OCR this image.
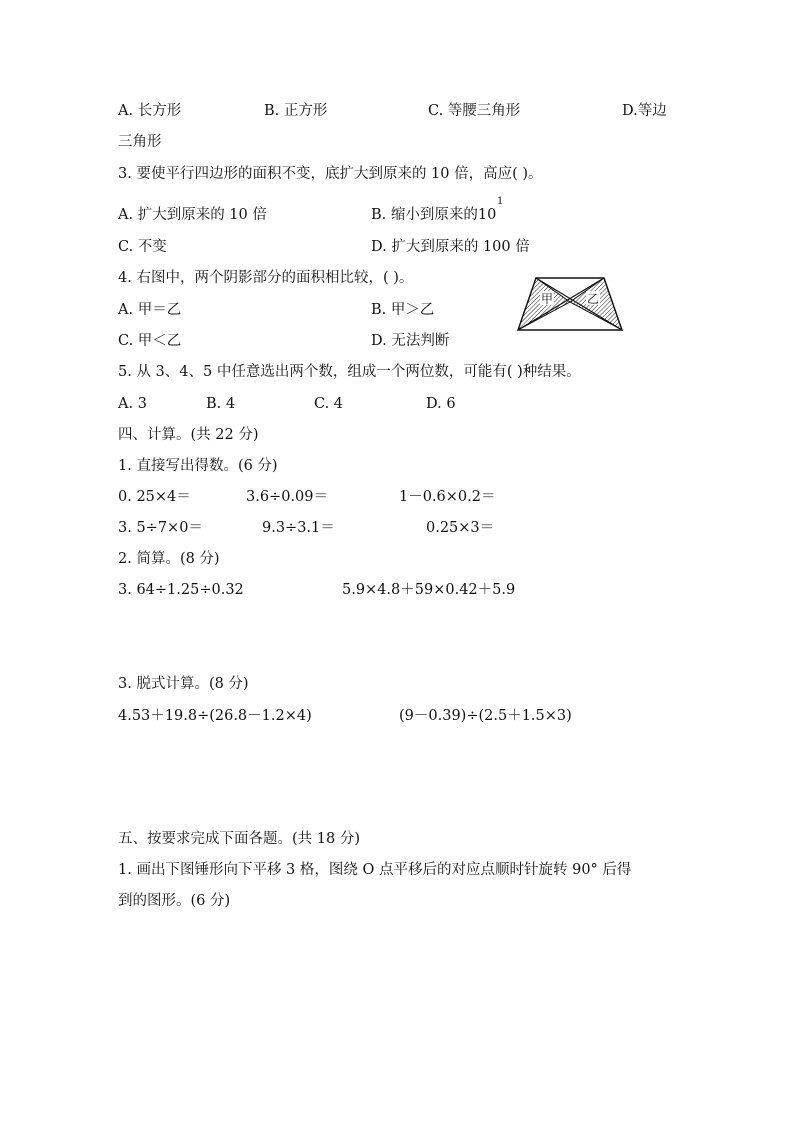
A. 长方形	B. 正方形	C. 等腰三角形	D.等边
三角形
3. 要使平行四边形的面积不变，底扩大到原来的 10 倍，高应( )。
A. 扩大到原来的 10 倍
1
B. 缩小到原来的10
C. 不变	D. 扩大到原来的 100 倍
4. 右图中，两个阴影部分的面积相比较，( )。
A. 甲＝乙	B. 甲＞乙
C. 甲＜乙	D. 无法判断
甲	乙
5. 从 3、4、5 中任意选出两个数，组成一个两位数，可能有( )种结果。
A. 3	B. 4	C. 4	D. 6
四、计算。(共 22 分)
1. 直接写出得数。(6 分)
0. 25×4＝	3.6÷0.09＝	1－0.6×0.2＝
3. 5÷7×0＝	9.3÷3.1＝	0.25×3＝
2. 简算。(8 分)
3. 64÷1.25÷0.32	5.9×4.8＋59×0.42＋5.9
3. 脱式计算。(8 分)
4.53＋19.8÷(26.8－1.2×4)	(9－0.39)÷(2.5＋1.5×3)
五、按要求完成下面各题。(共 18 分)
1. 画出下图锤形向下平移 3 格，图绕 O 点平移后的对应点顺时针旋转 90° 后得
到的图形。(6 分)
